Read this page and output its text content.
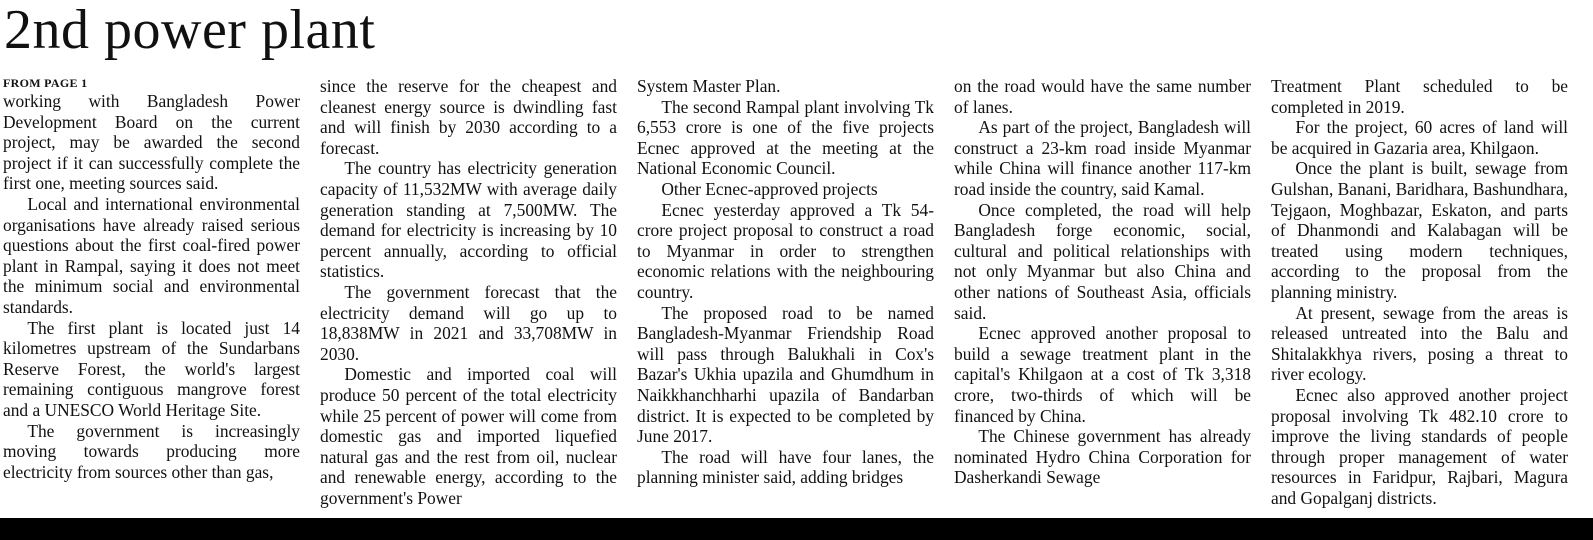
2nd power plant
FROM PAGE 1

working with Bangladesh Power Development Board on the current project, may be awarded the second project if it can successfully complete the first one, meeting sources said.

Local and international environmental organisations have already raised serious questions about the first coal-fired power plant in Rampal, saying it does not meet the minimum social and environmental standards.

The first plant is located just 14 kilometres upstream of the Sundarbans Reserve Forest, the world's largest remaining contiguous mangrove forest and a UNESCO World Heritage Site.

The government is increasingly moving towards producing more electricity from sources other than gas,

since the reserve for the cheapest and cleanest energy source is dwindling fast and will finish by 2030 according to a forecast.

The country has electricity generation capacity of 11,532MW with average daily generation standing at 7,500MW. The demand for electricity is increasing by 10 percent annually, according to official statistics.

The government forecast that the electricity demand will go up to 18,838MW in 2021 and 33,708MW in 2030.

Domestic and imported coal will produce 50 percent of the total electricity while 25 percent of power will come from domestic gas and imported liquefied natural gas and the rest from oil, nuclear and renewable energy, according to the government's Power

System Master Plan.

The second Rampal plant involving Tk 6,553 crore is one of the five projects Ecnec approved at the meeting at the National Economic Council.

Other Ecnec-approved projects

Ecnec yesterday approved a Tk 54-crore project proposal to construct a road to Myanmar in order to strengthen economic relations with the neighbouring country.

The proposed road to be named Bangladesh-Myanmar Friendship Road will pass through Balukhali in Cox's Bazar's Ukhia upazila and Ghumdhum in Naikkhanchharhi upazila of Bandarban district. It is expected to be completed by June 2017.

The road will have four lanes, the planning minister said, adding bridges

on the road would have the same number of lanes.

As part of the project, Bangladesh will construct a 23-km road inside Myanmar while China will finance another 117-km road inside the country, said Kamal.

Once completed, the road will help Bangladesh forge economic, social, cultural and political relationships with not only Myanmar but also China and other nations of Southeast Asia, officials said.

Ecnec approved another proposal to build a sewage treatment plant in the capital's Khilgaon at a cost of Tk 3,318 crore, two-thirds of which will be financed by China.

The Chinese government has already nominated Hydro China Corporation for Dasherkandi Sewage

Treatment Plant scheduled to be completed in 2019.

For the project, 60 acres of land will be acquired in Gazaria area, Khilgaon.

Once the plant is built, sewage from Gulshan, Banani, Baridhara, Bashundhara, Tejgaon, Moghbazar, Eskaton, and parts of Dhanmondi and Kalabagan will be treated using modern techniques, according to the proposal from the planning ministry.

At present, sewage from the areas is released untreated into the Balu and Shitalakkhya rivers, posing a threat to river ecology.

Ecnec also approved another project proposal involving Tk 482.10 crore to improve the living standards of people through proper management of water resources in Faridpur, Rajbari, Magura and Gopalganj districts.
